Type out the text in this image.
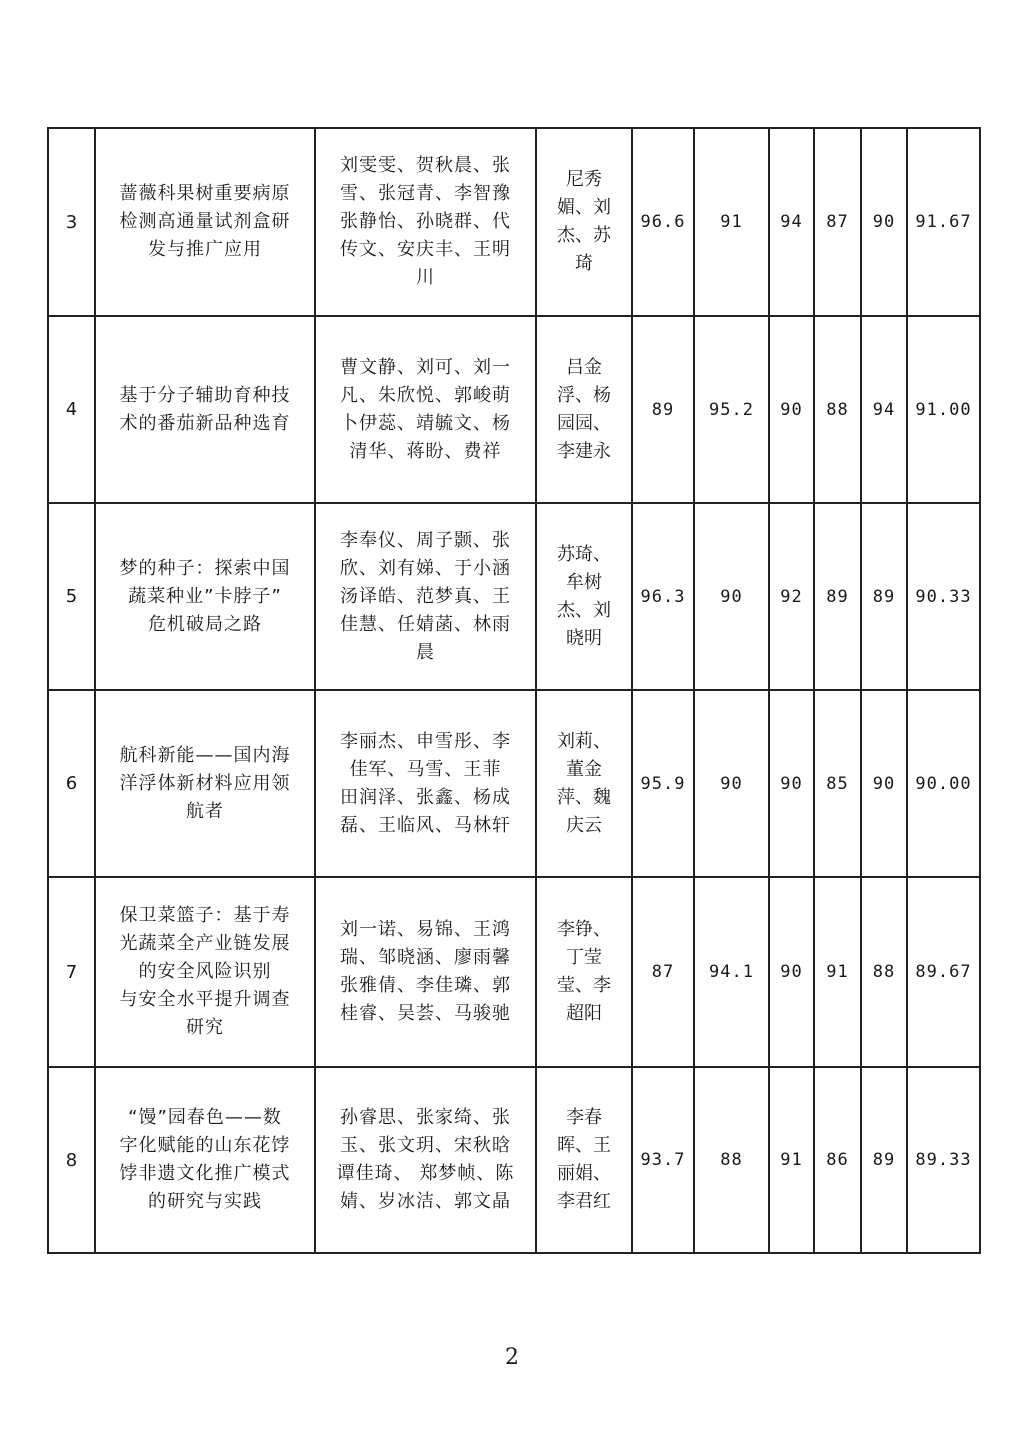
3	蔷薇科果树重要病原
检测高通量试剂盒研
发与推广应用	刘雯雯、贺秋晨、张
雪、张冠青、李智豫
张静怡、孙晓群、代
传文、安庆丰、王明
川	尼秀
媚、刘
杰、苏
琦	96.6	91	94	87	90	91.67
4	基于分子辅助育种技
术的番茄新品种选育	曹文静、刘可、刘一
凡、朱欣悦、郭峻萌
卜伊蕊、靖毓文、杨
清华、蒋盼、费祥	吕金
浮、杨
园园、
李建永	89	95.2	90	88	94	91.00
5	梦的种子：探索中国
蔬菜种业”卡脖子”
危机破局之路	李奉仪、周子颢、张
欣、刘有娣、于小涵
汤译皓、范梦真、王
佳慧、任婧菡、林雨
晨	苏琦、
牟树
杰、刘
晓明	96.3	90	92	89	89	90.33
6	航科新能——国内海
洋浮体新材料应用领
航者	李丽杰、申雪彤、李
佳军、马雪、王菲
田润泽、张鑫、杨成
磊、王临风、马林轩	刘莉、
董金
萍、魏
庆云	95.9	90	90	85	90	90.00
7	保卫菜篮子：基于寿
光蔬菜全产业链发展
的安全风险识别
与安全水平提升调查
研究	刘一诺、易锦、王鸿
瑞、邹晓涵、廖雨馨
张雅倩、李佳璘、郭
桂睿、吴荟、马骏驰	李铮、
丁莹
莹、李
超阳	87	94.1	90	91	88	89.67
8	“馒”园春色——数
字化赋能的山东花饽
饽非遗文化推广模式
的研究与实践	孙睿思、张家绮、张
玉、张文玥、宋秋晗
谭佳琦、 郑梦帧、陈
婧、岁冰洁、郭文晶	李春
晖、王
丽娟、
李君红	93.7	88	91	86	89	89.33
2
